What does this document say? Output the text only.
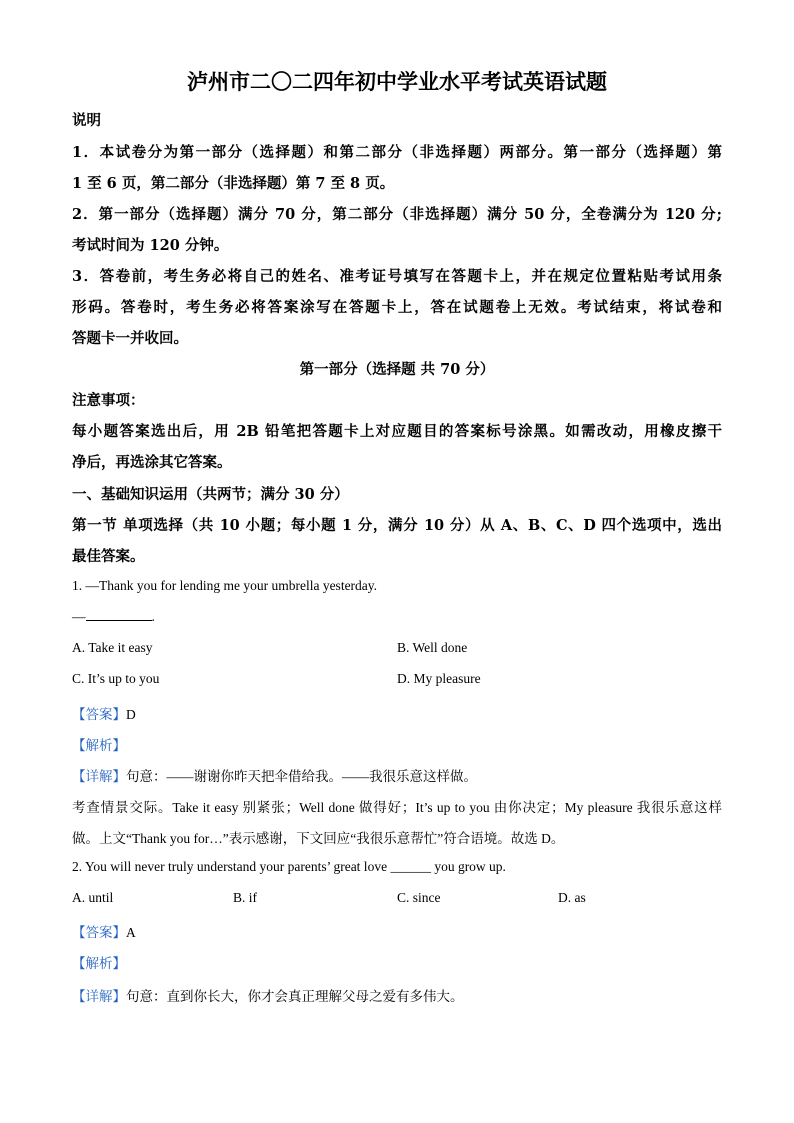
泸州市二〇二四年初中学业水平考试英语试题
说明
1．本试卷分为第一部分（选择题）和第二部分（非选择题）两部分。第一部分（选择题）第
1 至 6 页，第二部分（非选择题）第 7 至 8 页。
2．第一部分（选择题）满分 70 分，第二部分（非选择题）满分 50 分，全卷满分为 120 分;
考试时间为 120 分钟。
3．答卷前，考生务必将自己的姓名、准考证号填写在答题卡上，并在规定位置粘贴考试用条
形码。答卷时，考生务必将答案涂写在答题卡上，答在试题卷上无效。考试结束，将试卷和
答题卡一并收回。
第一部分（选择题 共 70 分）
注意事项：
每小题答案选出后，用 2B 铅笔把答题卡上对应题目的答案标号涂黑。如需改动，用橡皮擦干
净后，再选涂其它答案。
一、基础知识运用（共两节；满分 30 分）
第一节 单项选择（共 10 小题；每小题 1 分，满分 10 分）从 A、B、C、D 四个选项中，选出
最佳答案。
1. —Thank you for lending me your umbrella yesterday.
—	.
A. Take it easy	B. Well done
C. It’s up to you	D. My pleasure
【答案】D
【解析】
【详解】句意：——谢谢你昨天把伞借给我。——我很乐意这样做。
考查情景交际。Take it easy 别紧张；Well done 做得好；It’s up to you 由你决定；My pleasure 我很乐意这样
做。上文“Thank you for…”表示感谢，下文回应“我很乐意帮忙”符合语境。故选 D。
2. You will never truly understand your parents’ great love ______ you grow up.
A. until	B. if	C. since	D. as
【答案】A
【解析】
【详解】句意：直到你长大，你才会真正理解父母之爱有多伟大。
